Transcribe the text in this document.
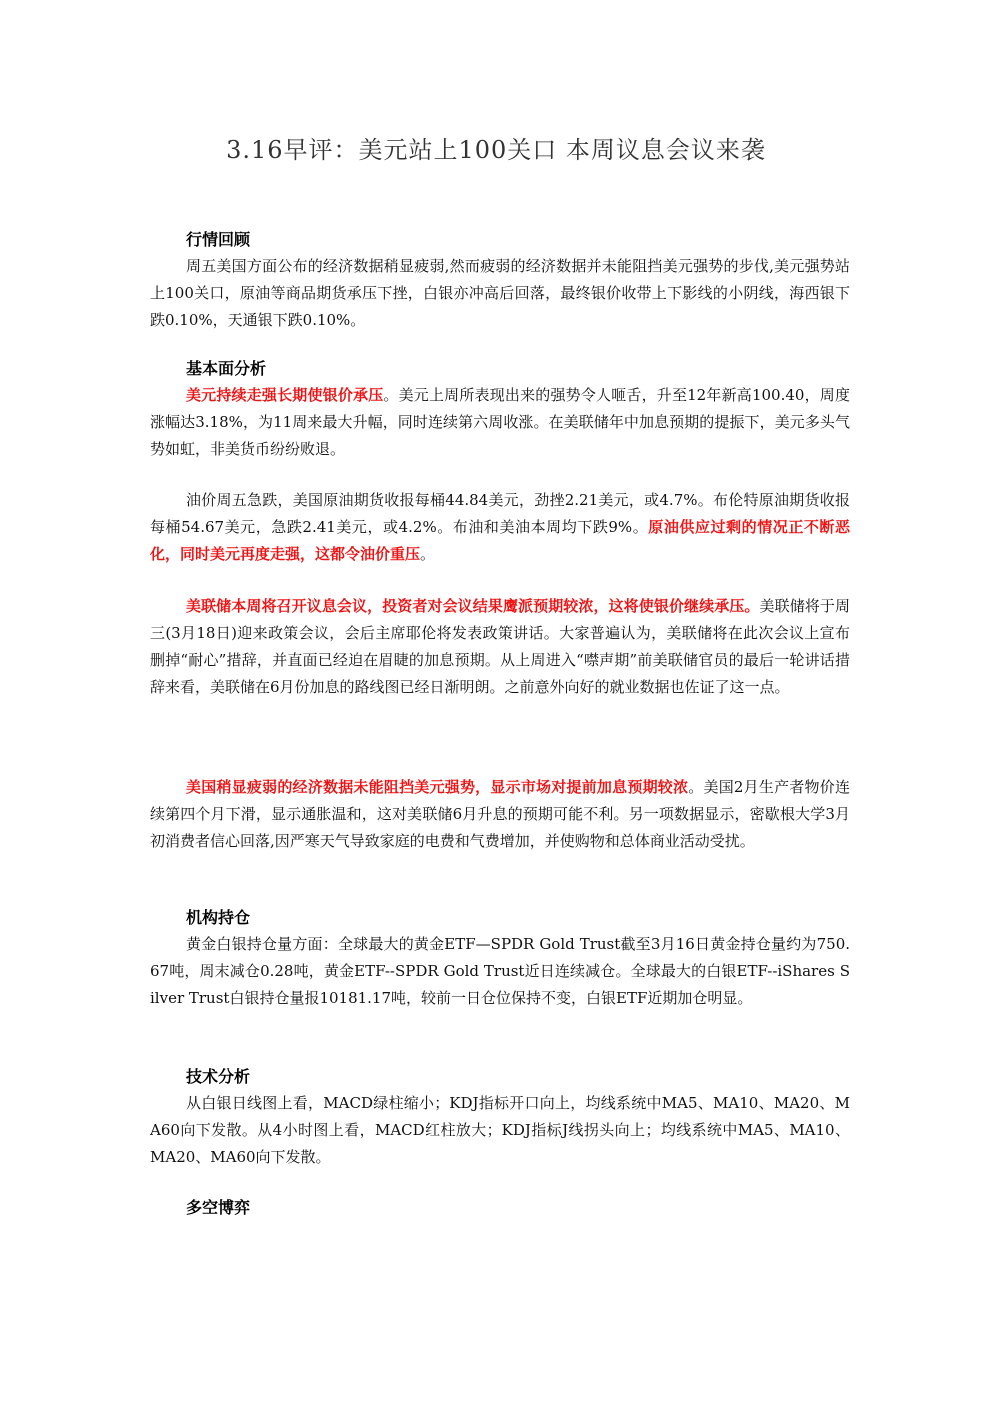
3.16早评：美元站上100关口 本周议息会议来袭
行情回顾
周五美国方面公布的经济数据稍显疲弱,然而疲弱的经济数据并未能阻挡美元强势的步伐,美元强势站上100关口，原油等商品期货承压下挫，白银亦冲高后回落，最终银价收带上下影线的小阴线，海西银下跌0.10%，天通银下跌0.10%。
基本面分析
美元持续走强长期使银价承压。美元上周所表现出来的强势令人咂舌，升至12年新高100.40，周度涨幅达3.18%，为11周来最大升幅，同时连续第六周收涨。在美联储年中加息预期的提振下，美元多头气势如虹，非美货币纷纷败退。
油价周五急跌，美国原油期货收报每桶44.84美元，劲挫2.21美元，或4.7%。布伦特原油期货收报每桶54.67美元，急跌2.41美元，或4.2%。布油和美油本周均下跌9%。原油供应过剩的情况正不断恶化，同时美元再度走强，这都令油价重压。
美联储本周将召开议息会议，投资者对会议结果鹰派预期较浓，这将使银价继续承压。美联储将于周三(3月18日)迎来政策会议，会后主席耶伦将发表政策讲话。大家普遍认为，美联储将在此次会议上宣布删掉“耐心”措辞，并直面已经迫在眉睫的加息预期。从上周进入“噤声期”前美联储官员的最后一轮讲话措辞来看，美联储在6月份加息的路线图已经日渐明朗。之前意外向好的就业数据也佐证了这一点。
美国稍显疲弱的经济数据未能阻挡美元强势，显示市场对提前加息预期较浓。美国2月生产者物价连续第四个月下滑，显示通胀温和，这对美联储6月升息的预期可能不利。另一项数据显示，密歇根大学3月初消费者信心回落,因严寒天气导致家庭的电费和气费增加，并使购物和总体商业活动受扰。
机构持仓
黄金白银持仓量方面：全球最大的黄金ETF—SPDR Gold Trust截至3月16日黄金持仓量约为750.67吨，周末减仓0.28吨，黄金ETF--SPDR Gold Trust近日连续减仓。全球最大的白银ETF--iShares Silver Trust白银持仓量报10181.17吨，较前一日仓位保持不变，白银ETF近期加仓明显。
技术分析
从白银日线图上看，MACD绿柱缩小；KDJ指标开口向上，均线系统中MA5、MA10、MA20、MA60向下发散。从4小时图上看，MACD红柱放大；KDJ指标J线拐头向上；均线系统中MA5、MA10、MA20、MA60向下发散。
多空博弈
